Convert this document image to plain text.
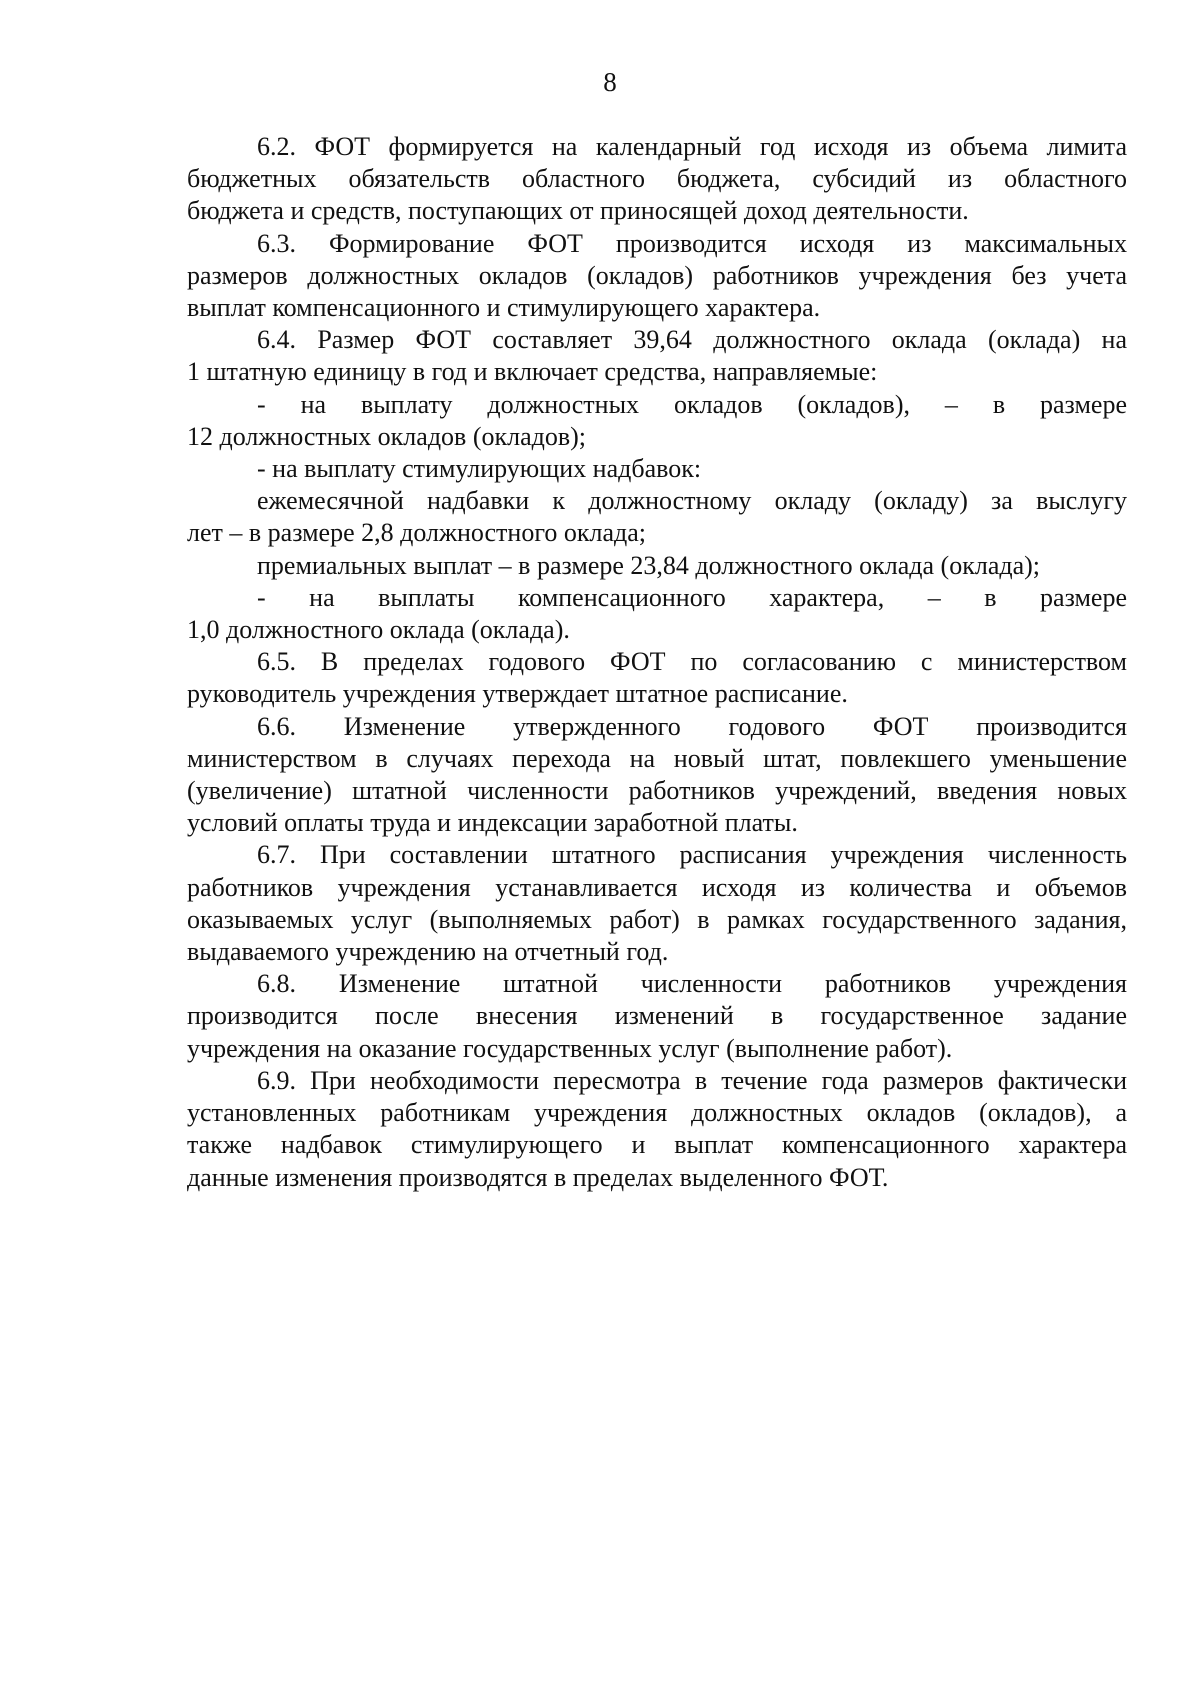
8

6.2. ФОТ формируется на календарный год исходя из объема лимита
бюджетных обязательств областного бюджета, субсидий из областного
бюджета и средств, поступающих от приносящей доход деятельности.

6.3. Формирование ФОТ производится исходя из максимальных
размеров должностных окладов (окладов) работников учреждения без учета
выплат компенсационного и стимулирующего характера.

6.4. Размер ФОТ составляет 39,64 должностного оклада (оклада) на
1 штатную единицу в год и включает средства, направляемые:

- на выплату должностных окладов (окладов), – в размере
12 должностных окладов (окладов);

- на выплату стимулирующих надбавок:

ежемесячной надбавки к должностному окладу (окладу) за выслугу
лет – в размере 2,8 должностного оклада;

премиальных выплат – в размере 23,84 должностного оклада (оклада);

- на выплаты компенсационного характера, – в размере
1,0 должностного оклада (оклада).

6.5. В пределах годового ФОТ по согласованию с министерством
руководитель учреждения утверждает штатное расписание.

6.6. Изменение утвержденного годового ФОТ производится
министерством в случаях перехода на новый штат, повлекшего уменьшение
(увеличение) штатной численности работников учреждений, введения новых
условий оплаты труда и индексации заработной платы.

6.7. При составлении штатного расписания учреждения численность
работников учреждения устанавливается исходя из количества и объемов
оказываемых услуг (выполняемых работ) в рамках государственного задания,
выдаваемого учреждению на отчетный год.

6.8. Изменение штатной численности работников учреждения
производится после внесения изменений в государственное задание
учреждения на оказание государственных услуг (выполнение работ).

6.9. При необходимости пересмотра в течение года размеров фактически
установленных работникам учреждения должностных окладов (окладов), а
также надбавок стимулирующего и выплат компенсационного характера
данные изменения производятся в пределах выделенного ФОТ.
